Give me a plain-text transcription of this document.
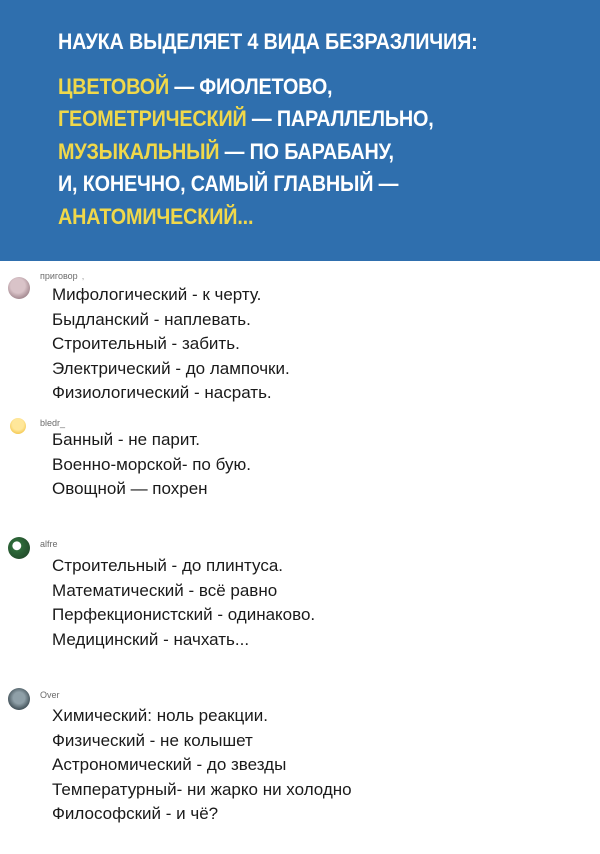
НАУКА ВЫДЕЛЯЕТ 4 ВИДА БЕЗРАЗЛИЧИЯ:
ЦВЕТОВОЙ — ФИОЛЕТОВО,
ГЕОМЕТРИЧЕСКИЙ — ПАРАЛЛЕЛЬНО,
МУЗЫКАЛЬНЫЙ — ПО БАРАБАНУ,
И, КОНЕЧНО, САМЫЙ ГЛАВНЫЙ —
АНАТОМИЧЕСКИЙ...
приговор ,
Мифологический - к черту.
Быдланский - наплевать.
Строительный - забить.
Электрический - до лампочки.
Физиологический - насрать.
bledr_
Банный - не парит.
Военно-морской- по бую.
Овощной — похрен
alfre
Строительный - до плинтуса.
Математический - всё равно
Перфекционистский - одинаково.
Медицинский - начхать...
Over
Химический: ноль реакции.
Физический - не колышет
Астрономический - до звезды
Температурный- ни жарко ни холодно
Философский - и чё?
